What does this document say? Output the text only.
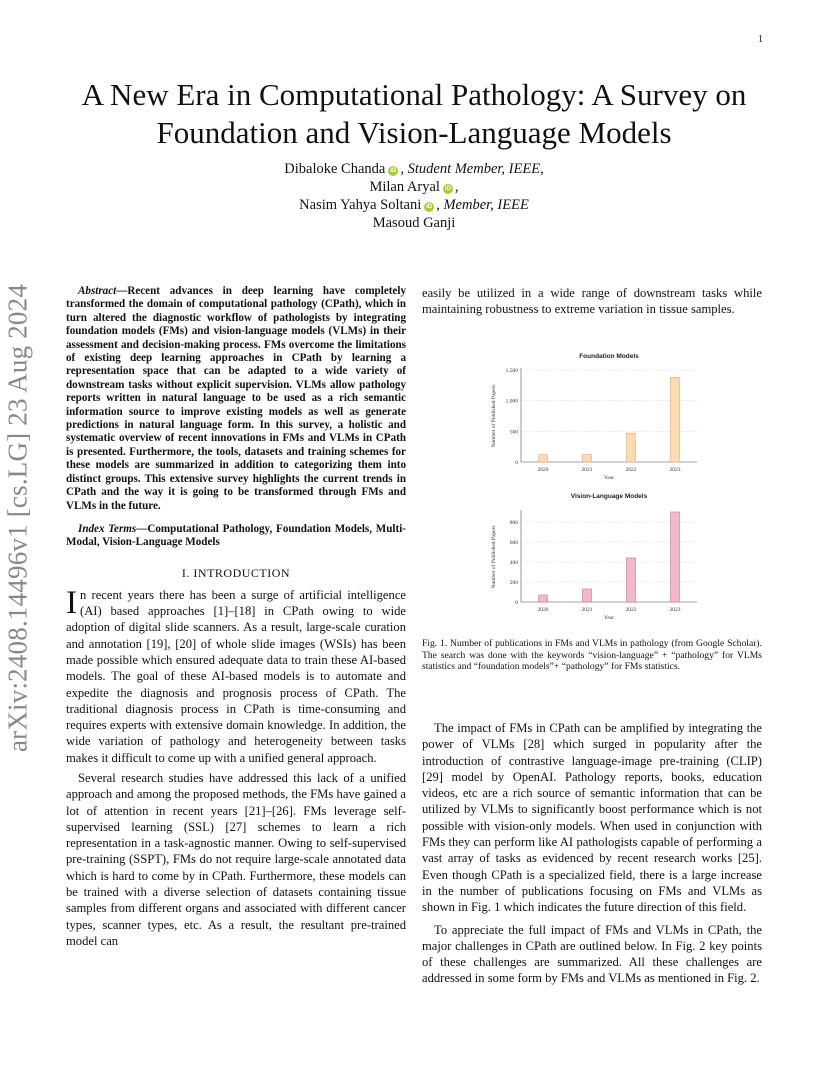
1
arXiv:2408.14496v1 [cs.LG] 23 Aug 2024
A New Era in Computational Pathology: A Survey on Foundation and Vision-Language Models
Dibaloke Chanda iD , Student Member, IEEE,
Milan Aryal iD ,
Nasim Yahya Soltani iD , Member, IEEE
Masoud Ganji

Abstract—Recent advances in deep learning have completely transformed the domain of computational pathology (CPath), which in turn altered the diagnostic workflow of pathologists by integrating foundation models (FMs) and vision-language models (VLMs) in their assessment and decision-making process. FMs overcome the limitations of existing deep learning approaches in CPath by learning a representation space that can be adapted to a wide variety of downstream tasks without explicit supervision. VLMs allow pathology reports written in natural language to be used as a rich semantic information source to improve existing models as well as generate predictions in natural language form. In this survey, a holistic and systematic overview of recent innovations in FMs and VLMs in CPath is presented. Furthermore, the tools, datasets and training schemes for these models are summarized in addition to categorizing them into distinct groups. This extensive survey highlights the current trends in CPath and the way it is going to be transformed through FMs and VLMs in the future.

Index Terms—Computational Pathology, Foundation Models, Multi-Modal, Vision-Language Models

I. INTRODUCTION
In recent years there has been a surge of artificial intelligence (AI) based approaches [1]–[18] in CPath owing to wide adoption of digital slide scanners. As a result, large-scale curation and annotation [19], [20] of whole slide images (WSIs) has been made possible which ensured adequate data to train these AI-based models. The goal of these AI-based models is to automate and expedite the diagnosis and prognosis process of CPath. The traditional diagnosis process in CPath is time-consuming and requires experts with extensive domain knowledge. In addition, the wide variation of pathology and heterogeneity between tasks makes it difficult to come up with a unified general approach.
Several research studies have addressed this lack of a unified approach and among the proposed methods, the FMs have gained a lot of attention in recent years [21]–[26]. FMs leverage self-supervised learning (SSL) [27] schemes to learn a rich representation in a task-agnostic manner. Owing to self-supervised pre-training (SSPT), FMs do not require large-scale annotated data which is hard to come by in CPath. Furthermore, these models can be trained with a diverse selection of datasets containing tissue samples from different organs and associated with different cancer types, scanner types, etc. As a result, the resultant pre-trained model can

easily be utilized in a wide range of downstream tasks while maintaining robustness to extreme variation in tissue samples.

Foundation Models
0
500
1,000
1,500
2020	2021	2022	2023
Year
Number of Published Papers
Vision-Language Models
0
200
400
600
800
2020	2021	2022	2023
Year
Number of Published Papers
Fig. 1. Number of publications in FMs and VLMs in pathology (from Google Scholar). The search was done with the keywords “vision-language” + “pathology” for VLMs statistics and “foundation models”+ “pathology” for FMs statistics.

The impact of FMs in CPath can be amplified by integrating the power of VLMs [28] which surged in popularity after the introduction of contrastive language-image pre-training (CLIP) [29] model by OpenAI. Pathology reports, books, education videos, etc are a rich source of semantic information that can be utilized by VLMs to significantly boost performance which is not possible with vision-only models. When used in conjunction with FMs they can perform like AI pathologists capable of performing a vast array of tasks as evidenced by recent research works [25]. Even though CPath is a specialized field, there is a large increase in the number of publications focusing on FMs and VLMs as shown in Fig. 1 which indicates the future direction of this field.

To appreciate the full impact of FMs and VLMs in CPath, the major challenges in CPath are outlined below. In Fig. 2 key points of these challenges are summarized. All these challenges are addressed in some form by FMs and VLMs as mentioned in Fig. 2.
